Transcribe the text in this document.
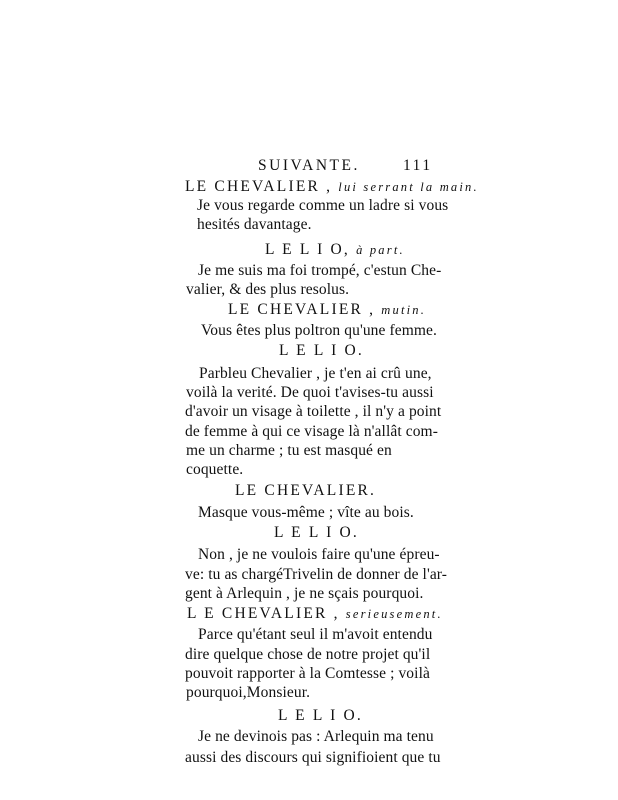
SUIVANTE.	111
LE CHEVALIER , lui serrant la main.
Je vous regarde comme un ladre si vous
hesités davantage.
L E L I O, à part.
Je me suis ma foi trompé, c'estun Che-
valier, & des plus resolus.
LE CHEVALIER , mutin.
Vous êtes plus poltron qu'une femme.
L E L I O.
Parbleu Chevalier , je t'en ai crû une,
voilà la verité. De quoi t'avises-tu aussi
d'avoir un visage à toilette , il n'y a point
de femme à qui ce visage là n'allât com-
me un charme ; tu est masqué en
coquette.
LE CHEVALIER.
Masque vous-même ; vîte au bois.
L E L I O.
Non , je ne voulois faire qu'une épreu-
ve: tu as chargéTrivelin de donner de l'ar-
gent à Arlequin , je ne sçais pourquoi.
L E CHEVALIER , serieusement.
Parce qu'étant seul il m'avoit entendu
dire quelque chose de notre projet qu'il
pouvoit rapporter à la Comtesse ; voilà
pourquoi,Monsieur.
L E L I O.
Je ne devinois pas : Arlequin ma tenu
aussi des discours qui signifioient que tu
